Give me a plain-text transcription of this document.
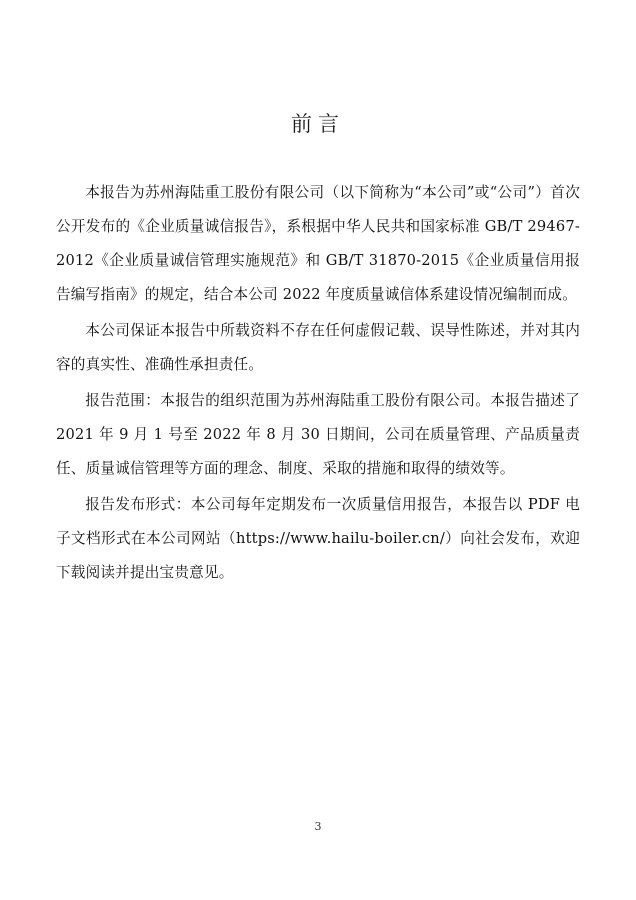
前言

本报告为苏州海陆重工股份有限公司（以下简称为“本公司”或“公司”）首次公开发布的《企业质量诚信报告》，系根据中华人民共和国家标准 GB/T 29467-2012《企业质量诚信管理实施规范》和 GB/T 31870-2015《企业质量信用报告编写指南》的规定，结合本公司 2022 年度质量诚信体系建设情况编制而成。

本公司保证本报告中所载资料不存在任何虚假记载、误导性陈述，并对其内容的真实性、准确性承担责任。

报告范围：本报告的组织范围为苏州海陆重工股份有限公司。本报告描述了 2021 年 9 月 1 号至 2022 年 8 月 30 日期间，公司在质量管理、产品质量责任、质量诚信管理等方面的理念、制度、采取的措施和取得的绩效等。

报告发布形式：本公司每年定期发布一次质量信用报告，本报告以 PDF 电子文档形式在本公司网站（https://www.hailu-boiler.cn/）向社会发布，欢迎下载阅读并提出宝贵意见。

3
